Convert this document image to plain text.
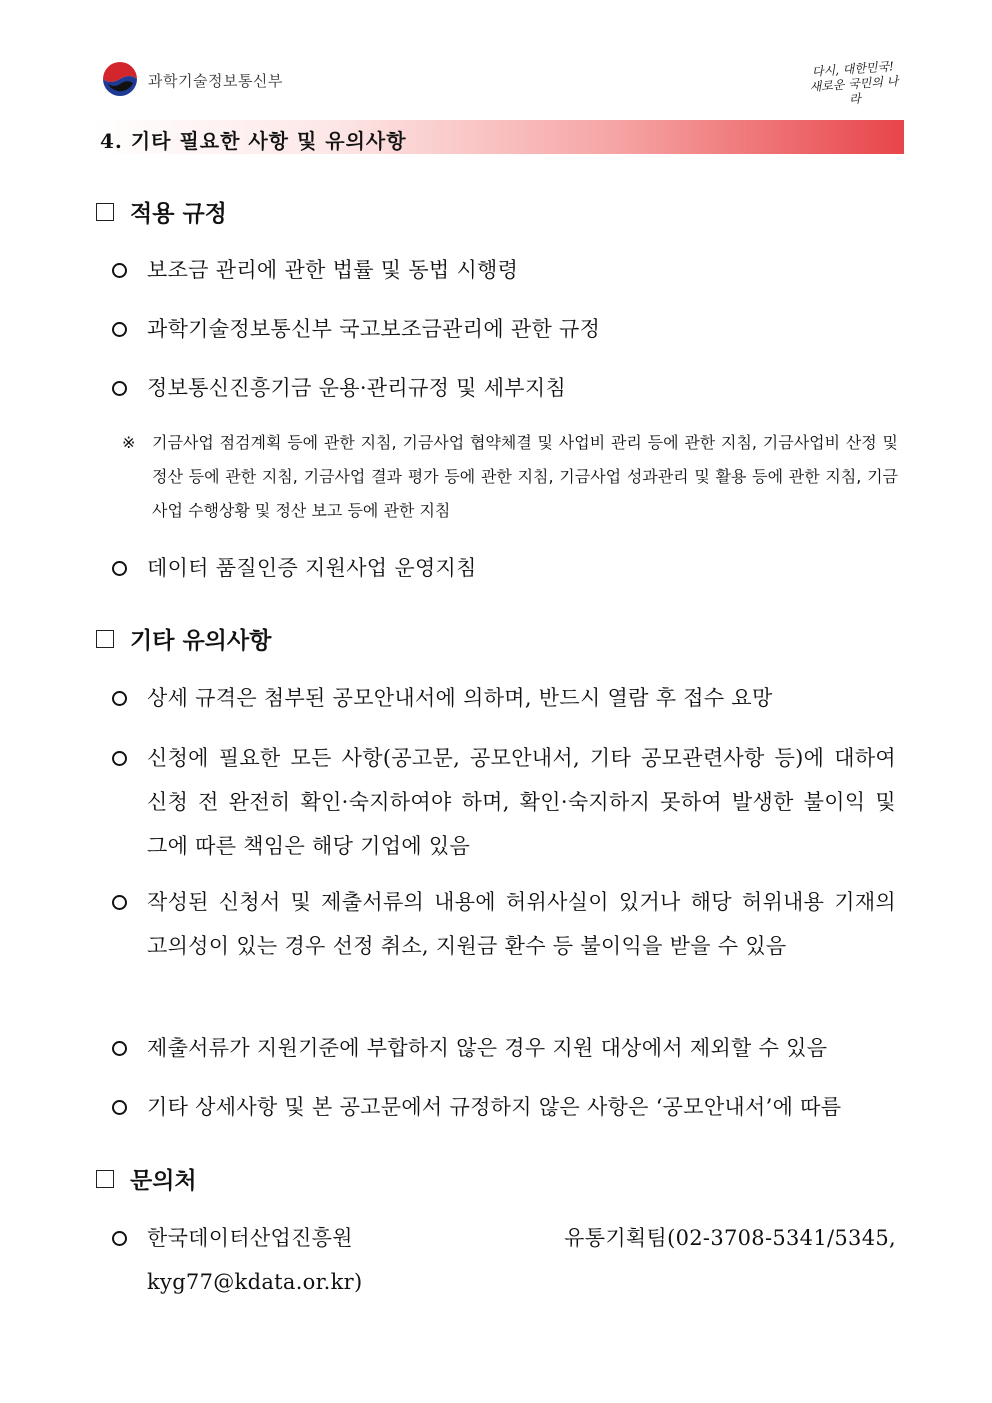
과학기술정보통신부
다시, 대한민국!
새로운 국민의 나라
4. 기타 필요한 사항 및 유의사항
적용 규정
보조금 관리에 관한 법률 및 동법 시행령
과학기술정보통신부 국고보조금관리에 관한 규정
정보통신진흥기금 운용·관리규정 및 세부지침
※	기금사업 점검계획 등에 관한 지침, 기금사업 협약체결 및 사업비 관리 등에 관한 지침, 기금사업비 산정 및 정산 등에 관한 지침, 기금사업 결과 평가 등에 관한 지침, 기금사업 성과관리 및 활용 등에 관한 지침, 기금사업 수행상황 및 정산 보고 등에 관한 지침
데이터 품질인증 지원사업 운영지침
기타 유의사항
상세 규격은 첨부된 공모안내서에 의하며, 반드시 열람 후 접수 요망
신청에 필요한 모든 사항(공고문, 공모안내서, 기타 공모관련사항 등)에 대하여 신청 전 완전히 확인·숙지하여야 하며, 확인·숙지하지 못하여 발생한 불이익 및 그에 따른 책임은 해당 기업에 있음
작성된 신청서 및 제출서류의 내용에 허위사실이 있거나 해당 허위내용 기재의 고의성이 있는 경우 선정 취소, 지원금 환수 등 불이익을 받을 수 있음
제출서류가 지원기준에 부합하지 않은 경우 지원 대상에서 제외할 수 있음
기타 상세사항 및 본 공고문에서 규정하지 않은 사항은 ‘공모안내서’에 따름
문의처
한국데이터산업진흥원 유통기획팀(02-3708-5341/5345, kyg77@kdata.or.kr)
